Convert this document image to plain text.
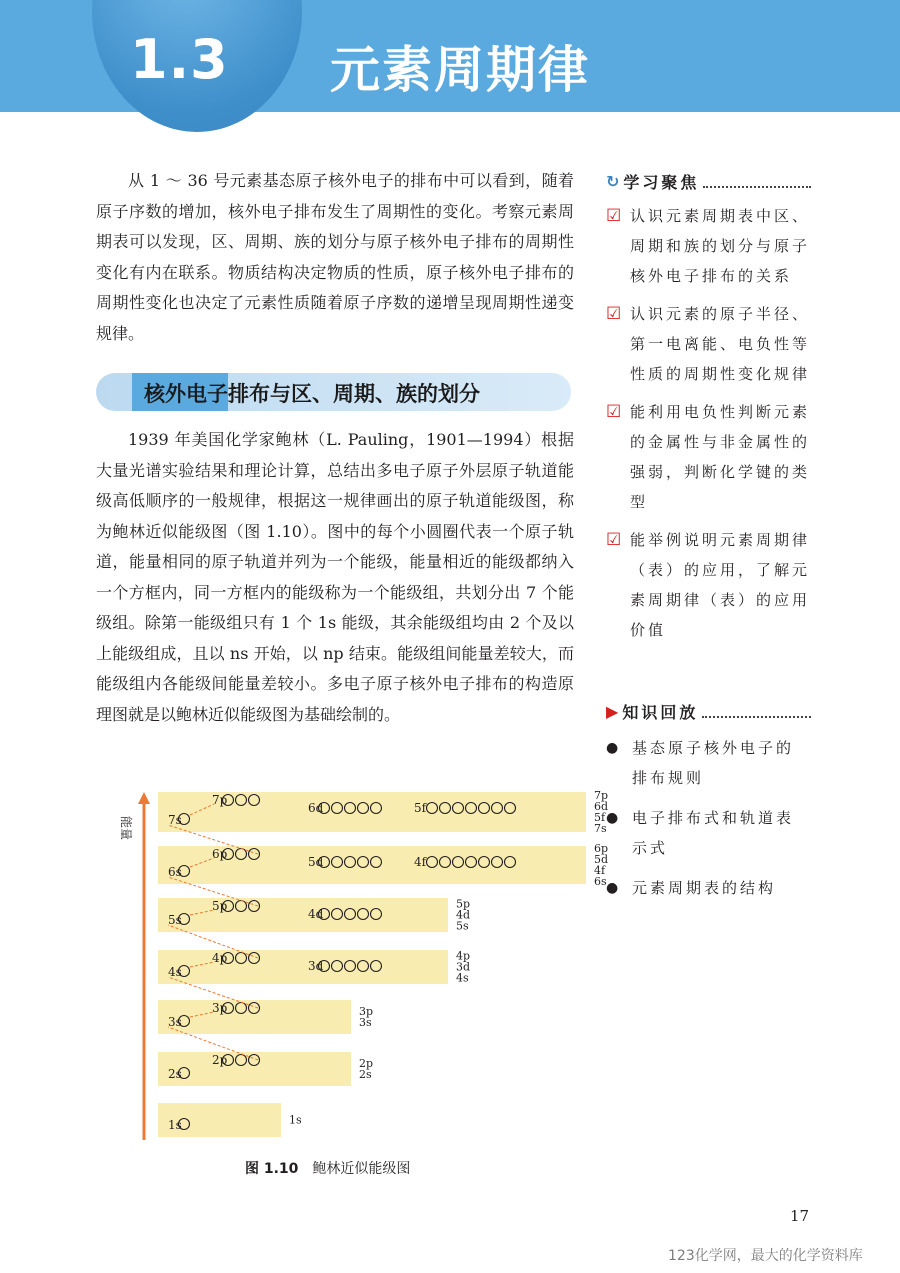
1.3 元素周期律

从 1 ～ 36 号元素基态原子核外电子的排布中可以看到，随着原子序数的增加，核外电子排布发生了周期性的变化。考察元素周期表可以发现，区、周期、族的划分与原子核外电子排布的周期性变化有内在联系。物质结构决定物质的性质，原子核外电子排布的周期性变化也决定了元素性质随着原子序数的递增呈现周期性递变规律。

核外电子排布与区、周期、族的划分

1939 年美国化学家鲍林（L. Pauling，1901—1994）根据大量光谱实验结果和理论计算，总结出多电子原子外层原子轨道能级高低顺序的一般规律，根据这一规律画出的原子轨道能级图，称为鲍林近似能级图（图 1.10）。图中的每个小圆圈代表一个原子轨道，能量相同的原子轨道并列为一个能级，能量相近的能级都纳入一个方框内，同一方框内的能级称为一个能级组，共划分出 7 个能级组。除第一能级组只有 1 个 1s 能级，其余能级组均由 2 个及以上能级组成，且以 ns 开始，以 np 结束。能级组间能量差较大，而能级组内各能级间能量差较小。多电子原子核外电子排布的构造原理图就是以鲍林近似能级图为基础绘制的。

↻ 学习聚焦
☑ 认识元素周期表中区、周期和族的划分与原子核外电子排布的关系
☑ 认识元素的原子半径、第一电离能、电负性等性质的周期性变化规律
☑ 能利用电负性判断元素的金属性与非金属性的强弱，判断化学键的类型
☑ 能举例说明元素周期律（表）的应用，了解元素周期律（表）的应用价值
▶ 知识回放
● 基态原子核外电子的排布规则
● 电子排布式和轨道表示式
● 元素周期表的结构
能量	7s
7p
6d	5f
7p
6d
5f
7s
6s
6p
5d	4f
6p
5d
4f
6s
5s
5p
4d
5p
4d
5s
4s
4p
3d
4p
3d
4s
3s
3p	3p
3s
2s
2p	2p
2s
1s	1s
图 1.10 鲍林近似能级图
17
123化学网，最大的化学资料库
